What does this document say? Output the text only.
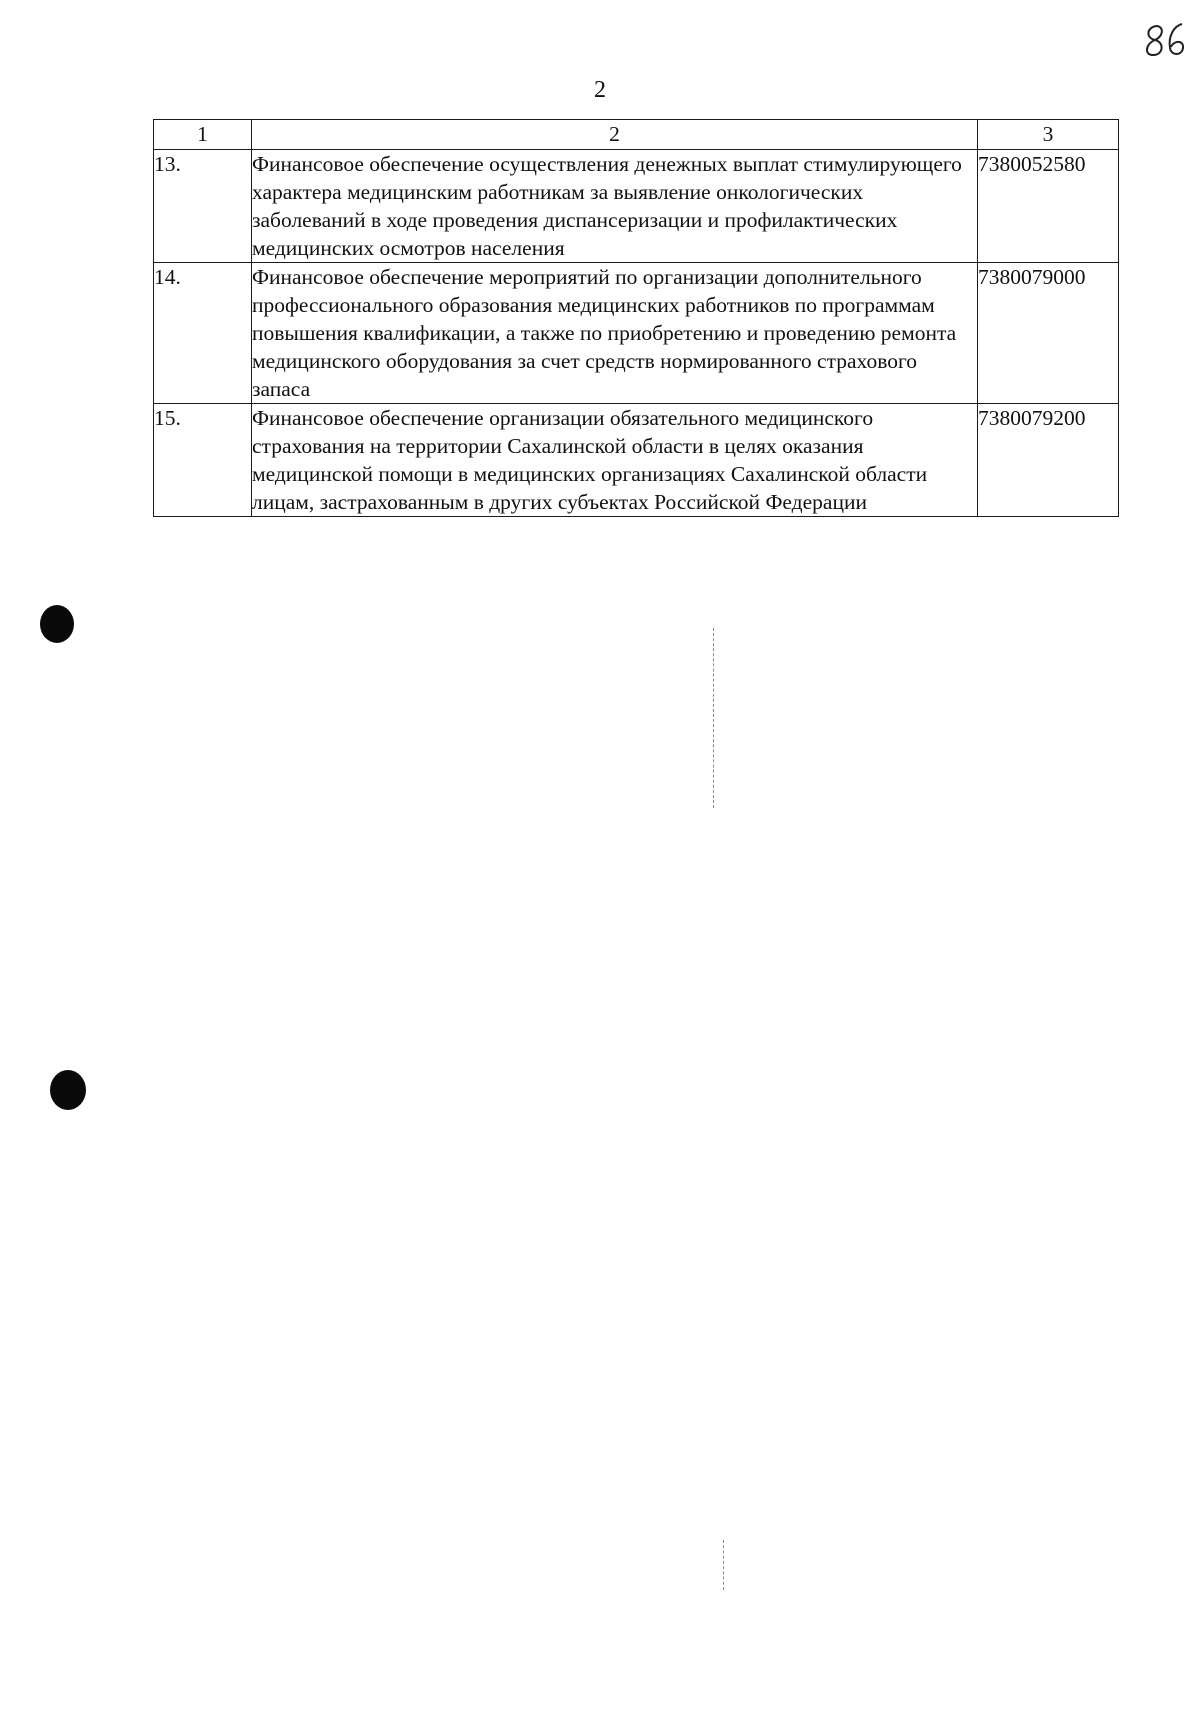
2
1	2	3
13.	Финансовое обеспечение осуществления денежных выплат стимулирующего характера медицинским работникам за выявление онкологических заболеваний в ходе проведения диспансеризации и профилактических медицинских осмотров населения	7380052580
14.	Финансовое обеспечение мероприятий по организации дополнительного профессионального образования медицинских работников по программам повышения квалификации, а также по приобретению и проведению ремонта медицинского оборудования за счет средств нормированного страхового запаса	7380079000
15.	Финансовое обеспечение организации обязательного медицинского страхования на территории Сахалинской области в целях оказания медицинской помощи в медицинских организациях Сахалинской области лицам, застрахованным в других субъектах Российской Федерации	7380079200
